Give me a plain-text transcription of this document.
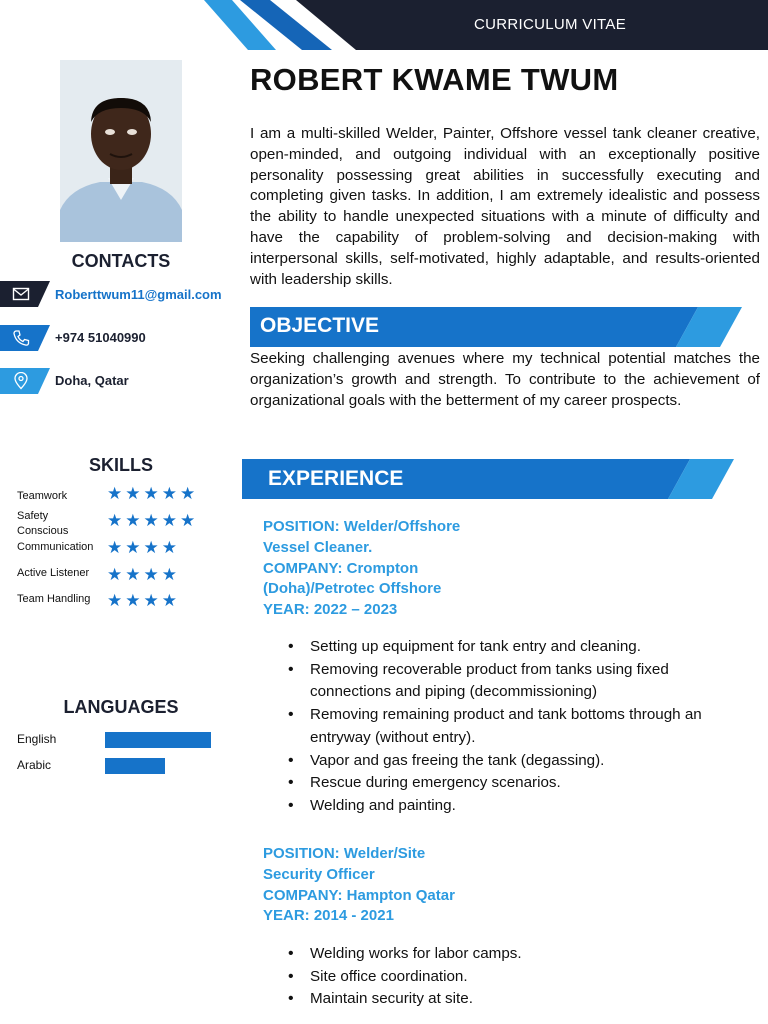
CURRICULUM VITAE
CONTACTS
Roberttwum11@gmail.com
+974 51040990
Doha, Qatar
SKILLS
Teamwork	★★★★★
Safety Conscious
★★★★★
Communication ★★★★
Active Listener	★★★★
Team Handling ★★★★
LANGUAGES
English
Arabic
ROBERT KWAME TWUM
I am a multi-skilled Welder, Painter, Offshore vessel tank cleaner creative, open-minded, and outgoing individual with an exceptionally positive personality possessing great abilities in successfully executing and completing given tasks. In addition, I am extremely idealistic and possess the ability to handle unexpected situations with a minute of difficulty and have the capability of problem-solving and decision-making with interpersonal skills, self-motivated, highly adaptable, and results-oriented with leadership skills.
OBJECTIVE
Seeking challenging avenues where my technical potential matches the organization’s growth and strength. To contribute to the achievement of organizational goals with the betterment of my career prospects.
EXPERIENCE
POSITION: Welder/Offshore
Vessel Cleaner.
COMPANY: Crompton
(Doha)/Petrotec Offshore
YEAR: 2022 – 2023
• Setting up equipment for tank entry and cleaning.
• Removing recoverable product from tanks using fixed connections and piping (decommissioning)
• Removing remaining product and tank bottoms through an entryway (without entry).
• Vapor and gas freeing the tank (degassing).
• Rescue during emergency scenarios.
• Welding and painting.
POSITION: Welder/Site
Security Officer
COMPANY: Hampton Qatar
YEAR: 2014 - 2021
• Welding works for labor camps.
• Site office coordination.
• Maintain security at site.
